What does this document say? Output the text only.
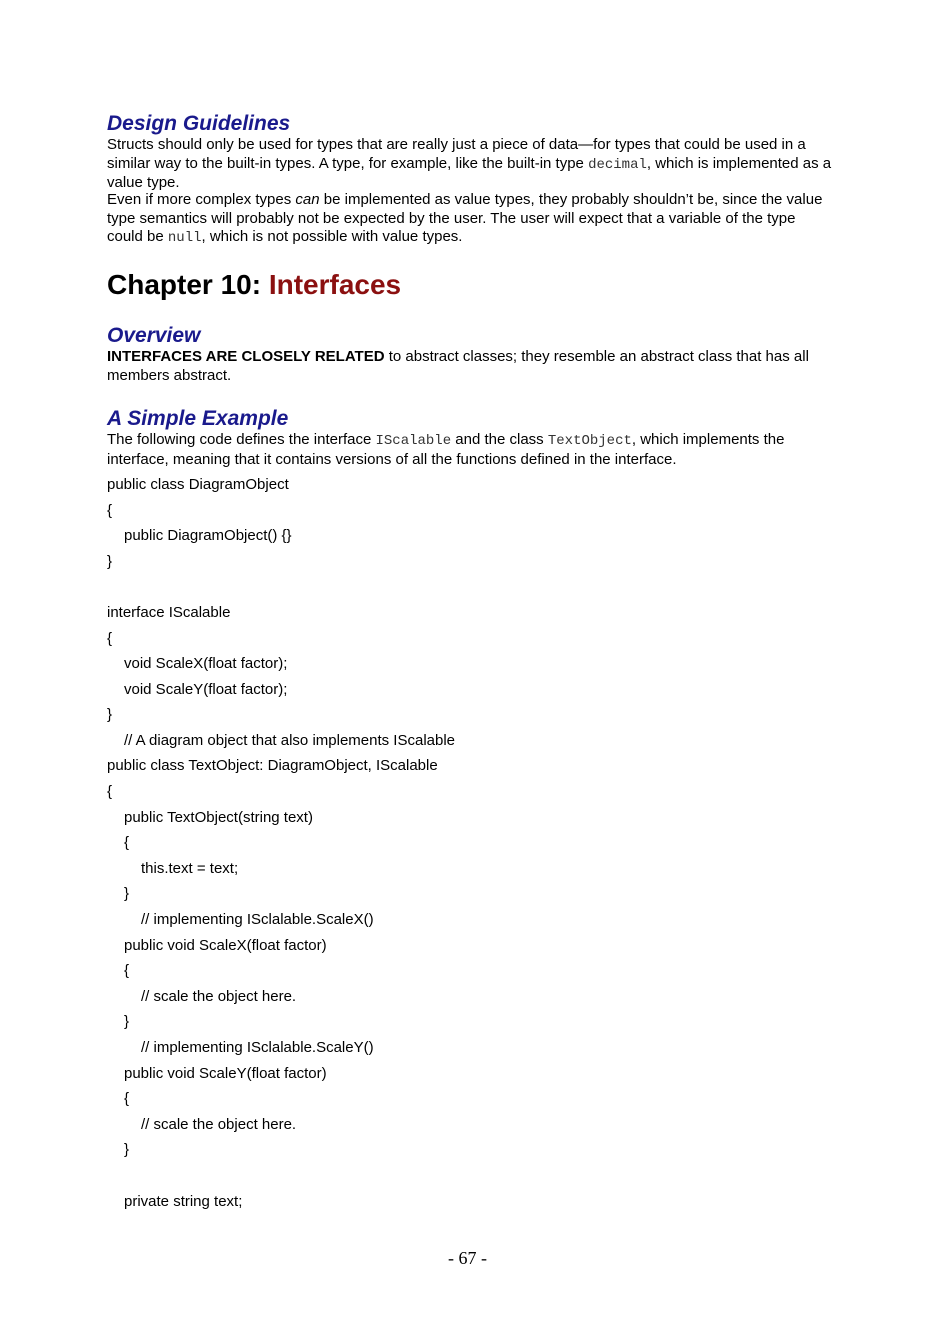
Design Guidelines
Structs should only be used for types that are really just a piece of data—for types that could be used in a similar way to the built-in types. A type, for example, like the built-in type decimal, which is implemented as a value type.
Even if more complex types can be implemented as value types, they probably shouldn’t be, since the value type semantics will probably not be expected by the user. The user will expect that a variable of the type could be null, which is not possible with value types.
Chapter 10: Interfaces
Overview
INTERFACES ARE CLOSELY RELATED to abstract classes; they resemble an abstract class that has all members abstract.
A Simple Example
The following code defines the interface IScalable and the class TextObject, which implements the interface, meaning that it contains versions of all the functions defined in the interface.
public class DiagramObject
{
public DiagramObject() {}
}
interface IScalable
{
void ScaleX(float factor);
void ScaleY(float factor);
}
// A diagram object that also implements IScalable
public class TextObject: DiagramObject, IScalable
{
public TextObject(string text)
{
this.text = text;
}
// implementing ISclalable.ScaleX()
public void ScaleX(float factor)
{
// scale the object here.
}
// implementing ISclalable.ScaleY()
public void ScaleY(float factor)
{
// scale the object here.
}
private string text;
- 67 -
